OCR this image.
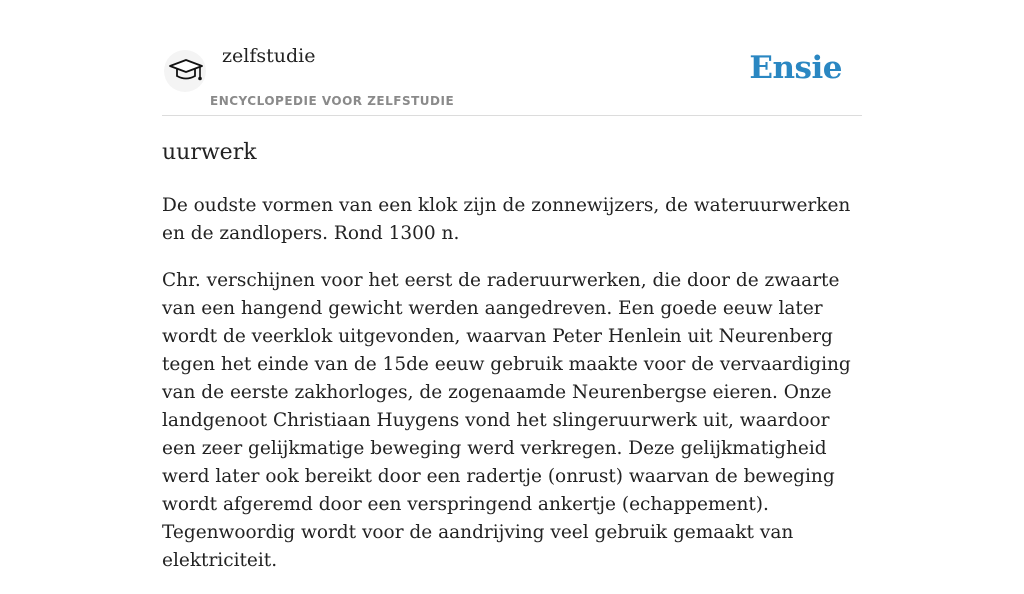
zelfstudie
ENCYCLOPEDIE VOOR ZELFSTUDIE
Ensie
uurwerk

De oudste vormen van een klok zijn de zonnewijzers, de wateruurwerken en de zandlopers. Rond 1300 n.

Chr. verschijnen voor het eerst de raderuurwerken, die door de zwaarte van een hangend gewicht werden aangedreven. Een goede eeuw later wordt de veerklok uitgevonden, waarvan Peter Henlein uit Neurenberg tegen het einde van de 15de eeuw gebruik maakte voor de vervaardiging van de eerste zakhorloges, de zogenaamde Neurenbergse eieren. Onze landgenoot Christiaan Huygens vond het slingeruurwerk uit, waardoor een zeer gelijkmatige beweging werd verkregen. Deze gelijkmatigheid werd later ook bereikt door een radertje (onrust) waarvan de beweging wordt afgeremd door een verspringend ankertje (echappement). Tegenwoordig wordt voor de aandrijving veel gebruik gemaakt van elektriciteit.
